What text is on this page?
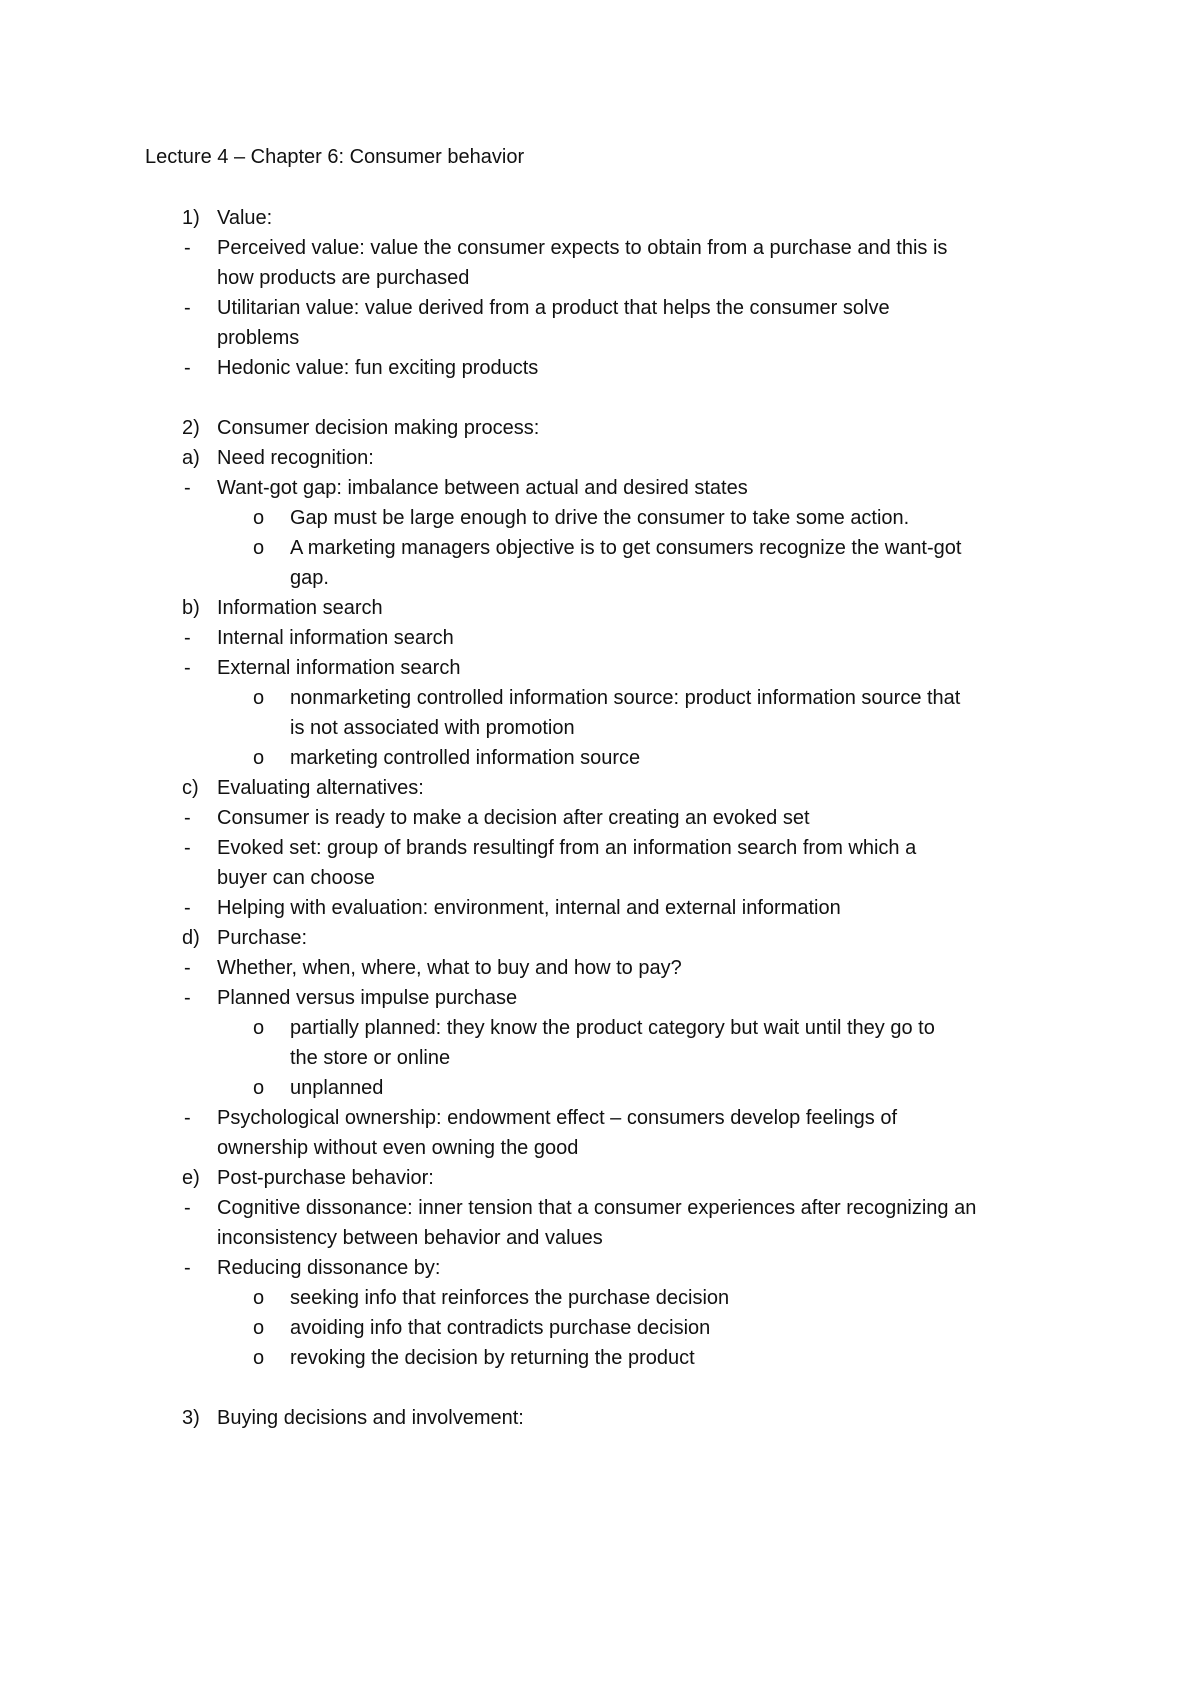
Lecture 4 – Chapter 6: Consumer behavior
1) Value:
- Perceived value: value the consumer expects to obtain from a purchase and this is
how products are purchased
- Utilitarian value: value derived from a product that helps the consumer solve
problems
- Hedonic value: fun exciting products
2) Consumer decision making process:
a) Need recognition:
- Want-got gap: imbalance between actual and desired states
o Gap must be large enough to drive the consumer to take some action.
o A marketing managers objective is to get consumers recognize the want-got
gap.
b) Information search
- Internal information search
- External information search
o nonmarketing controlled information source: product information source that
is not associated with promotion
o marketing controlled information source
c) Evaluating alternatives:
- Consumer is ready to make a decision after creating an evoked set
- Evoked set: group of brands resultingf from an information search from which a
buyer can choose
- Helping with evaluation: environment, internal and external information
d) Purchase:
- Whether, when, where, what to buy and how to pay?
- Planned versus impulse purchase
o partially planned: they know the product category but wait until they go to
the store or online
o unplanned
- Psychological ownership: endowment effect – consumers develop feelings of
ownership without even owning the good
e) Post-purchase behavior:
- Cognitive dissonance: inner tension that a consumer experiences after recognizing an
inconsistency between behavior and values
- Reducing dissonance by:
o seeking info that reinforces the purchase decision
o avoiding info that contradicts purchase decision
o revoking the decision by returning the product
3) Buying decisions and involvement:
